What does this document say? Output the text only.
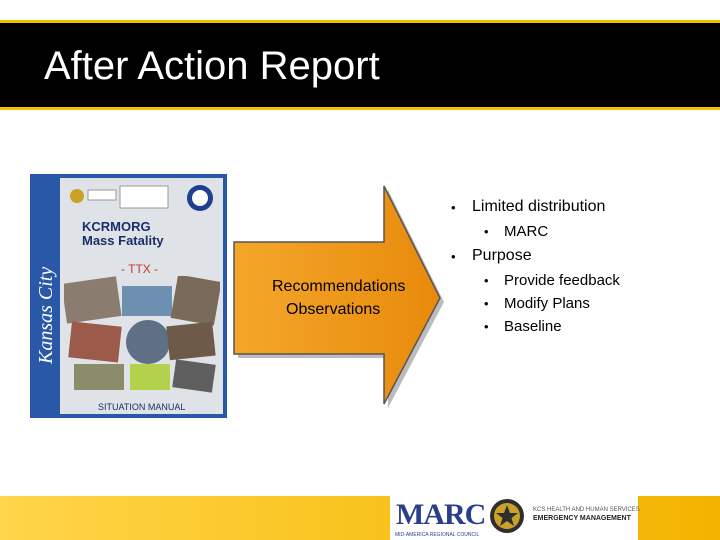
After Action Report
Kansas City
KCRMORG
Mass Fatality
- TTX -
SITUATION MANUAL
Recommendations
Observations
• Limited distribution
• MARC
• Purpose
• Provide feedback
• Modify Plans
• Baseline
MARC
MID-AMERICA REGIONAL COUNCIL
KCS HEALTH AND HUMAN SERVICES
EMERGENCY MANAGEMENT
24
